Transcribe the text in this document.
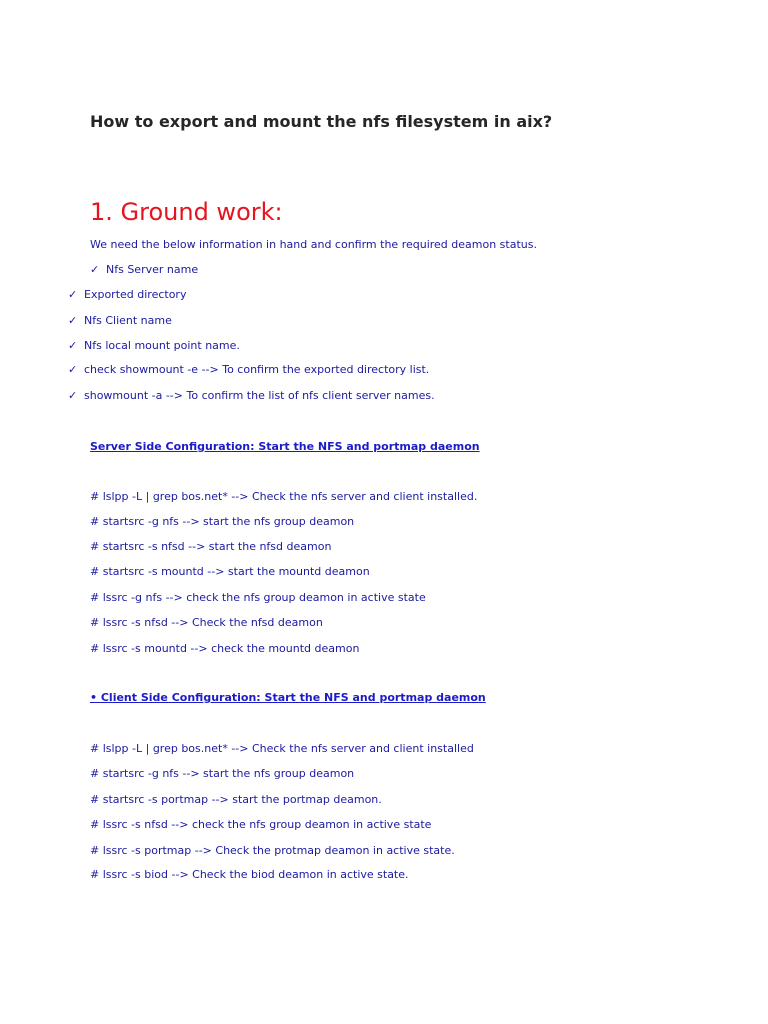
How to export and mount the nfs filesystem in aix?
1. Ground work:
We need the below information in hand and confirm the required deamon status.
✓ Nfs Server name
✓ Exported directory
✓ Nfs Client name
✓ Nfs local mount point name.
✓ check showmount -e --> To confirm the exported directory list.
✓ showmount -a --> To confirm the list of nfs client server names.
Server Side Configuration: Start the NFS and portmap daemon
# lslpp -L | grep bos.net* --> Check the nfs server and client installed.
# startsrc -g nfs --> start the nfs group deamon
# startsrc -s nfsd --> start the nfsd deamon
# startsrc -s mountd --> start the mountd deamon
# lssrc -g nfs --> check the nfs group deamon in active state
# lssrc -s nfsd --> Check the nfsd deamon
# lssrc -s mountd --> check the mountd deamon
• Client Side Configuration: Start the NFS and portmap daemon
# lslpp -L | grep bos.net* --> Check the nfs server and client installed
# startsrc -g nfs --> start the nfs group deamon
# startsrc -s portmap --> start the portmap deamon.
# lssrc -s nfsd --> check the nfs group deamon in active state
# lssrc -s portmap --> Check the protmap deamon in active state.
# lssrc -s biod --> Check the biod deamon in active state.
